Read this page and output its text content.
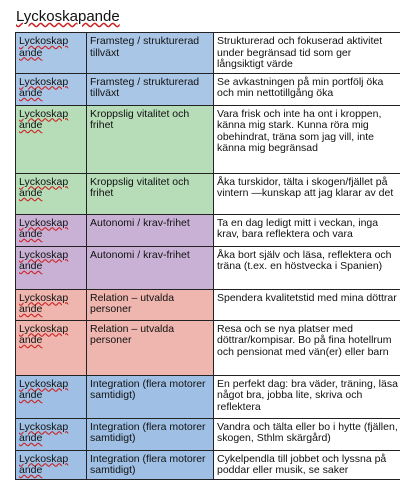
Lyckoskapande
Lyckoskap ande	Framsteg / strukturerad tillväxt	Strukturerad och fokuserad aktivitet under begränsad tid som ger långsiktigt värde
Lyckoskap ande	Framsteg / strukturerad tillväxt	Se avkastningen på min portfölj öka och min nettotillgång öka
Lyckoskap ande	Kroppslig vitalitet och frihet	Vara frisk och inte ha ont i kroppen, känna mig stark. Kunna röra mig obehindrat, träna som jag vill, inte känna mig begränsad
Lyckoskap ande	Kroppslig vitalitet och frihet	Åka turskidor, tälta i skogen/fjället på vintern —kunskap att jag klarar av det
Lyckoskap ande	Autonomi / krav-frihet	Ta en dag ledigt mitt i veckan, inga krav, bara reflektera och vara
Lyckoskap ande	Autonomi / krav-frihet	Åka bort själv och läsa, reflektera och träna (t.ex. en höstvecka i Spanien)
Lyckoskap ande	Relation – utvalda personer	Spendera kvalitetstid med mina döttrar
Lyckoskap ande	Relation – utvalda personer	Resa och se nya platser med döttrar/kompisar. Bo på fina hotellrum och pensionat med vän(er) eller barn
Lyckoskap ande	Integration (flera motorer samtidigt)	En perfekt dag: bra väder, träning, läsa något bra, jobba lite, skriva och reflektera
Lyckoskap ande	Integration (flera motorer samtidigt)	Vandra och tälta eller bo i hytte (fjällen, skogen, Sthlm skärgård)
Lyckoskap ande	Integration (flera motorer samtidigt)	Cykelpendla till jobbet och lyssna på poddar eller musik, se saker
